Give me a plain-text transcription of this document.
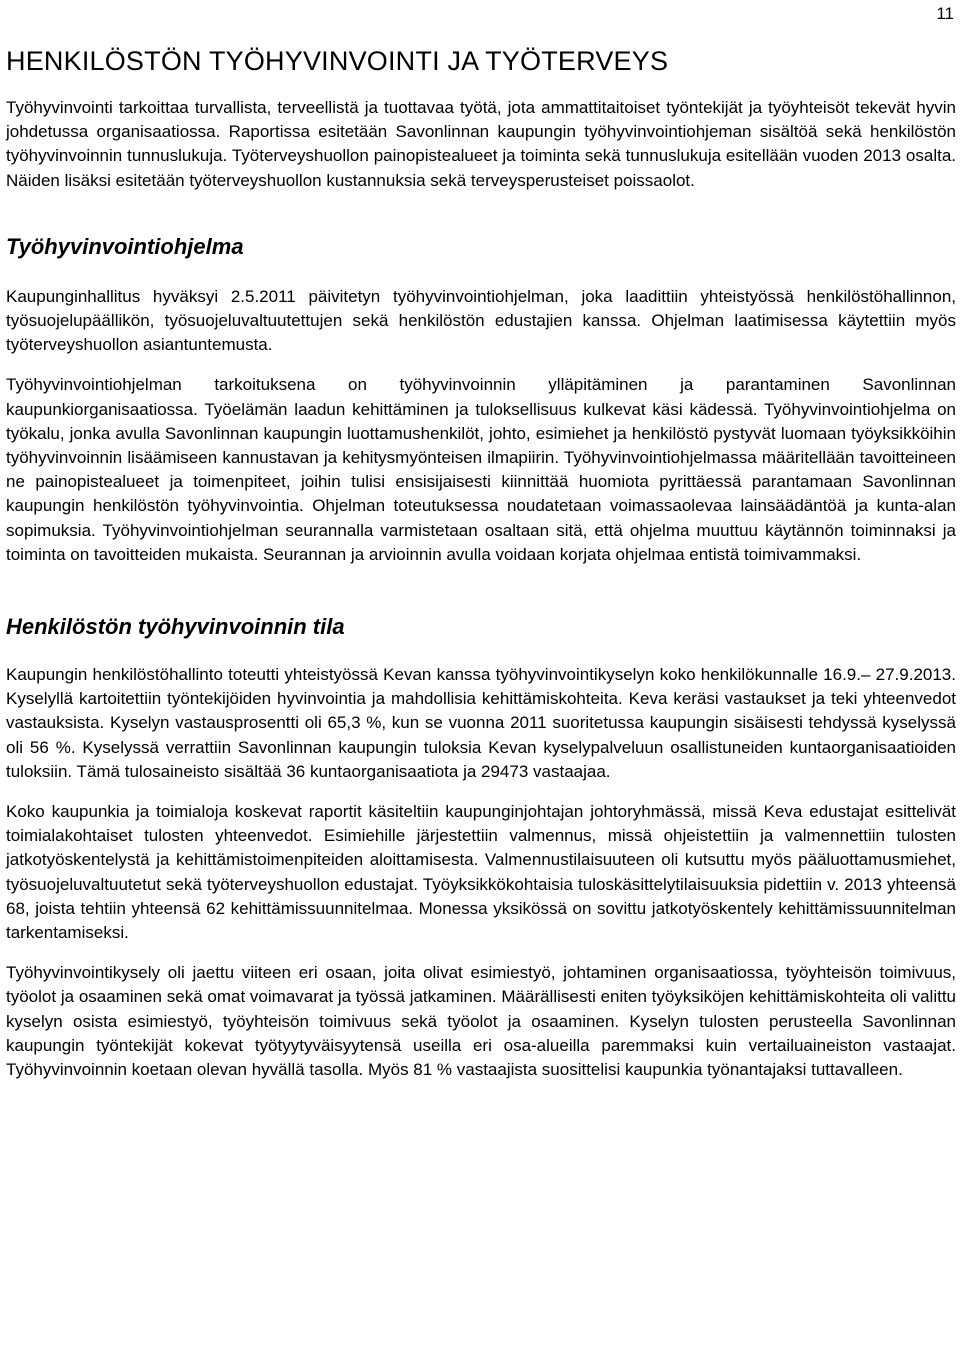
11
HENKILÖSTÖN TYÖHYVINVOINTI JA TYÖTERVEYS

Työhyvinvointi tarkoittaa turvallista, terveellistä ja tuottavaa työtä, jota ammattitaitoiset työntekijät ja työyhteisöt tekevät hyvin johdetussa organisaatiossa. Raportissa esitetään Savonlinnan kaupungin työhyvinvointiohjeman sisältöä sekä henkilöstön työhyvinvoinnin tunnuslukuja. Työterveyshuollon painopistealueet ja toiminta sekä tunnuslukuja esitellään vuoden 2013 osalta. Näiden lisäksi esitetään työterveyshuollon kustannuksia sekä terveysperusteiset poissaolot.

Työhyvinvointiohjelma

Kaupunginhallitus hyväksyi 2.5.2011 päivitetyn työhyvinvointiohjelman, joka laadittiin yhteistyössä henkilöstöhallinnon, työsuojelupäällikön, työsuojeluvaltuutettujen sekä henkilöstön edustajien kanssa. Ohjelman laatimisessa käytettiin myös työterveyshuollon asiantuntemusta.

Työhyvinvointiohjelman tarkoituksena on työhyvinvoinnin ylläpitäminen ja parantaminen Savonlinnan kaupunkiorganisaatiossa. Työelämän laadun kehittäminen ja tuloksellisuus kulkevat käsi kädessä. Työhyvinvointiohjelma on työkalu, jonka avulla Savonlinnan kaupungin luottamushenkilöt, johto, esimiehet ja henkilöstö pystyvät luomaan työyksikköihin työhyvinvoinnin lisäämiseen kannustavan ja kehitysmyönteisen ilmapiirin. Työhyvinvointiohjelmassa määritellään tavoitteineen ne painopistealueet ja toimenpiteet, joihin tulisi ensisijaisesti kiinnittää huomiota pyrittäessä parantamaan Savonlinnan kaupungin henkilöstön työhyvinvointia. Ohjelman toteutuksessa noudatetaan voimassaolevaa lainsäädäntöä ja kunta-alan sopimuksia. Työhyvinvointiohjelman seurannalla varmistetaan osaltaan sitä, että ohjelma muuttuu käytännön toiminnaksi ja toiminta on tavoitteiden mukaista. Seurannan ja arvioinnin avulla voidaan korjata ohjelmaa entistä toimivammaksi.

Henkilöstön työhyvinvoinnin tila

Kaupungin henkilöstöhallinto toteutti yhteistyössä Kevan kanssa työhyvinvointikyselyn koko henkilökunnalle 16.9.– 27.9.2013. Kyselyllä kartoitettiin työntekijöiden hyvinvointia ja mahdollisia kehittämiskohteita. Keva keräsi vastaukset ja teki yhteenvedot vastauksista. Kyselyn vastausprosentti oli 65,3 %, kun se vuonna 2011 suoritetussa kaupungin sisäisesti tehdyssä kyselyssä oli 56 %. Kyselyssä verrattiin Savonlinnan kaupungin tuloksia Kevan kyselypalveluun osallistuneiden kuntaorganisaatioiden tuloksiin. Tämä tulosaineisto sisältää 36 kuntaorganisaatiota ja 29473 vastaajaa.

Koko kaupunkia ja toimialoja koskevat raportit käsiteltiin kaupunginjohtajan johtoryhmässä, missä Keva edustajat esittelivät toimialakohtaiset tulosten yhteenvedot. Esimiehille järjestettiin valmennus, missä ohjeistettiin ja valmennettiin tulosten jatkotyöskentelystä ja kehittämistoimenpiteiden aloittamisesta. Valmennustilaisuuteen oli kutsuttu myös pääluottamusmiehet, työsuojeluvaltuutetut sekä työterveyshuollon edustajat. Työyksikkökohtaisia tuloskäsittelytilaisuuksia pidettiin v. 2013 yhteensä 68, joista tehtiin yhteensä 62 kehittämissuunnitelmaa. Monessa yksikössä on sovittu jatkotyöskentely kehittämissuunnitelman tarkentamiseksi.

Työhyvinvointikysely oli jaettu viiteen eri osaan, joita olivat esimiestyö, johtaminen organisaatiossa, työyhteisön toimivuus, työolot ja osaaminen sekä omat voimavarat ja työssä jatkaminen. Määrällisesti eniten työyksiköjen kehittämiskohteita oli valittu kyselyn osista esimiestyö, työyhteisön toimivuus sekä työolot ja osaaminen. Kyselyn tulosten perusteella Savonlinnan kaupungin työntekijät kokevat työtyytyväisyytensä useilla eri osa-alueilla paremmaksi kuin vertailuaineiston vastaajat. Työhyvinvoinnin koetaan olevan hyvällä tasolla. Myös 81 % vastaajista suosittelisi kaupunkia työnantajaksi tuttavalleen.
